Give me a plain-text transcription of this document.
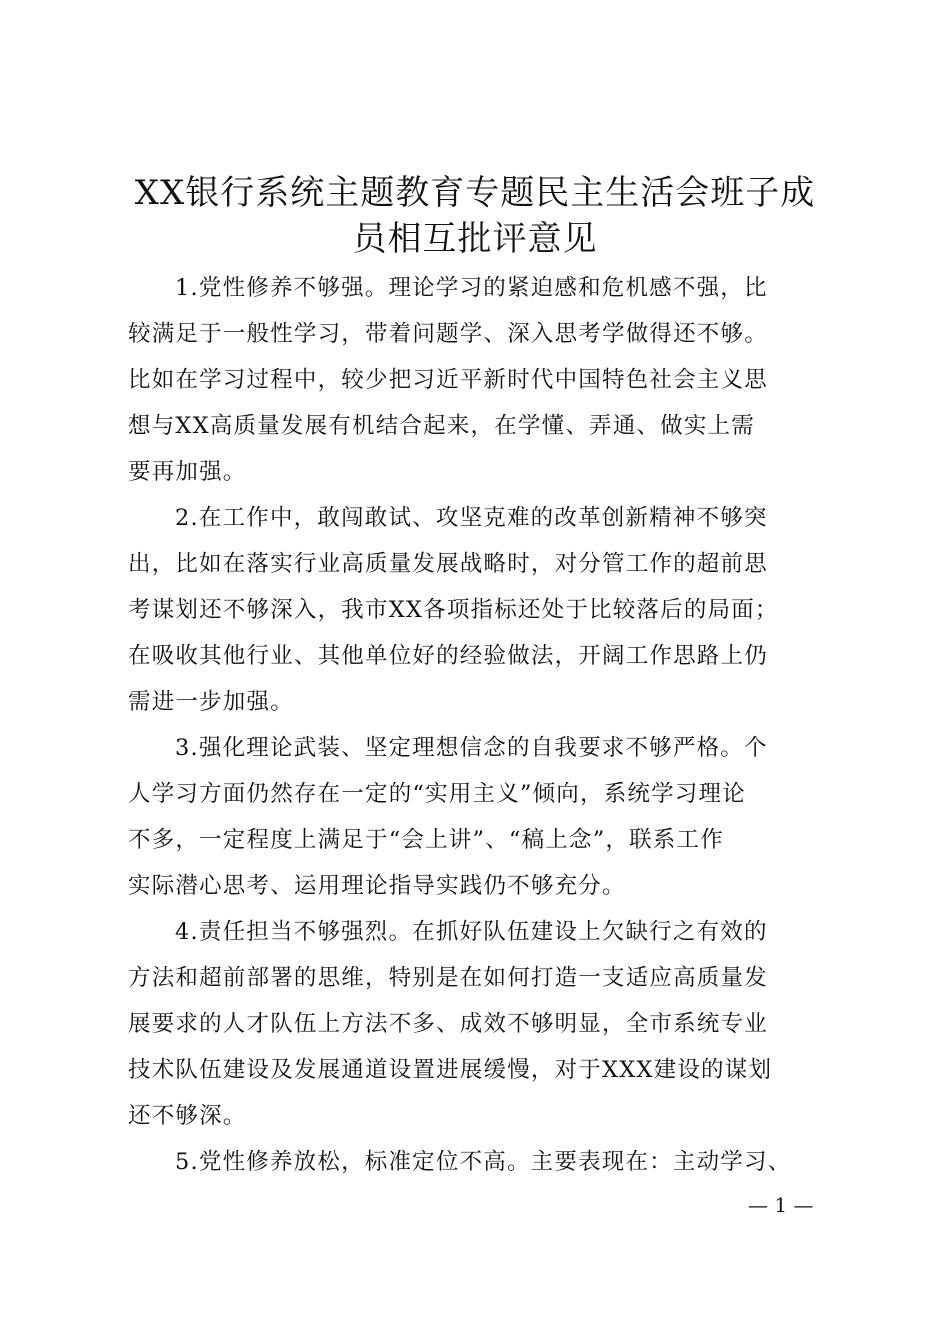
XX银行系统主题教育专题民主生活会班子成
员相互批评意见
1.党性修养不够强。理论学习的紧迫感和危机感不强，比
较满足于一般性学习，带着问题学、深入思考学做得还不够。
比如在学习过程中，较少把习近平新时代中国特色社会主义思
想与XX高质量发展有机结合起来，在学懂、弄通、做实上需
要再加强。
2.在工作中，敢闯敢试、攻坚克难的改革创新精神不够突
出，比如在落实行业高质量发展战略时，对分管工作的超前思
考谋划还不够深入，我市XX各项指标还处于比较落后的局面；
在吸收其他行业、其他单位好的经验做法，开阔工作思路上仍
需进一步加强。
3.强化理论武装、坚定理想信念的自我要求不够严格。个
人学习方面仍然存在一定的“实用主义”倾向，系统学习理论
不多，一定程度上满足于“会上讲”、“稿上念”，联系工作
实际潜心思考、运用理论指导实践仍不够充分。
4.责任担当不够强烈。在抓好队伍建设上欠缺行之有效的
方法和超前部署的思维，特别是在如何打造一支适应高质量发
展要求的人才队伍上方法不多、成效不够明显，全市系统专业
技术队伍建设及发展通道设置进展缓慢，对于XXX建设的谋划
还不够深。
5.党性修养放松，标准定位不高。主要表现在：主动学习、
— 1 —
